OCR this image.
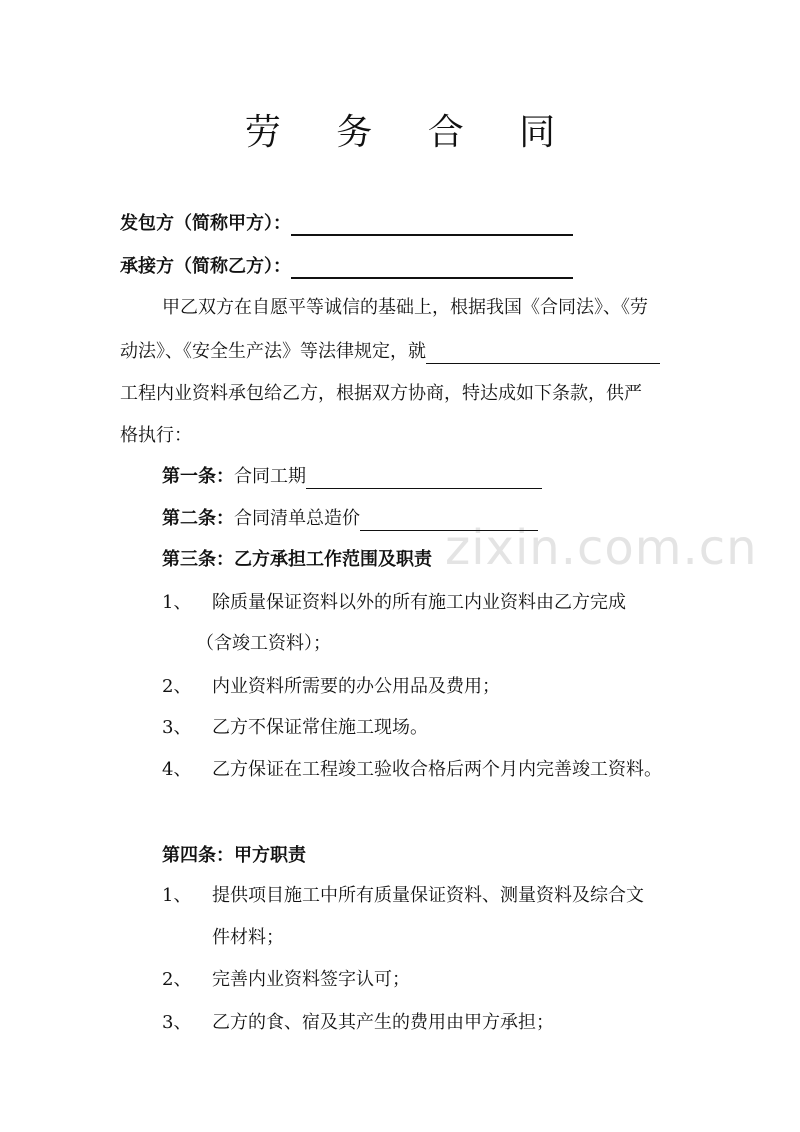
zixin.com.cn
劳 务 合 同
发包方（简称甲方）：
承接方（简称乙方）：
甲乙双方在自愿平等诚信的基础上，根据我国《合同法》、《劳
动法》、《安全生产法》等法律规定，就
工程内业资料承包给乙方，根据双方协商，特达成如下条款，供严
格执行：
第一条：合同工期
第二条：合同清单总造价
第三条：乙方承担工作范围及职责
1、 除质量保证资料以外的所有施工内业资料由乙方完成
（含竣工资料）；
2、 内业资料所需要的办公用品及费用；
3、 乙方不保证常住施工现场。
4、 乙方保证在工程竣工验收合格后两个月内完善竣工资料。
第四条：甲方职责
1、 提供项目施工中所有质量保证资料、测量资料及综合文
件材料；
2、 完善内业资料签字认可；
3、 乙方的食、宿及其产生的费用由甲方承担；
